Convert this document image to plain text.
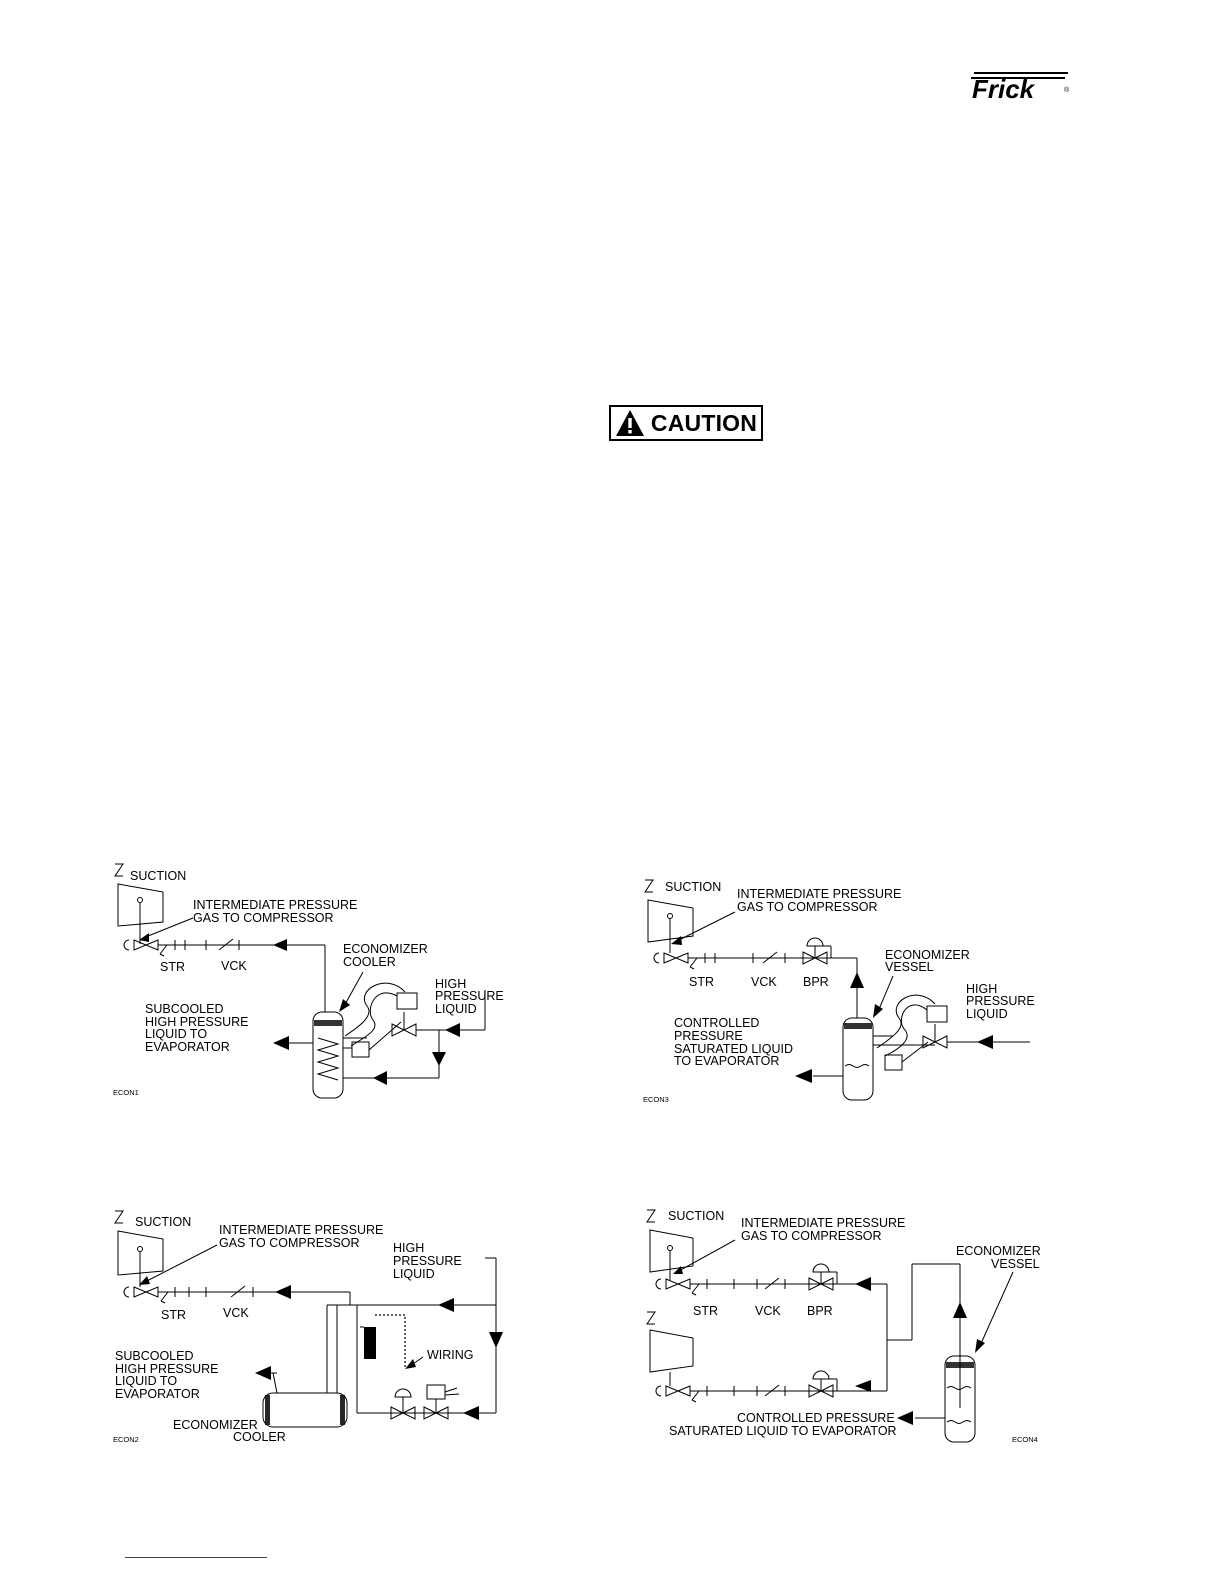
Frick	®
CAUTION
SUCTION
INTERMEDIATE PRESSURE
GAS TO COMPRESSOR
STR	VCK
ECONOMIZER
COOLER
HIGH
PRESSURE
LIQUID
SUBCOOLED
HIGH PRESSURE
LIQUID TO
EVAPORATOR
ECON1
SUCTION INTERMEDIATE PRESSURE
GAS TO COMPRESSOR
STR	VCK BPR
ECONOMIZER
VESSEL
HIGH
PRESSURE
LIQUID
CONTROLLED
PRESSURE
SATURATED LIQUID
TO EVAPORATOR
ECON3
SUCTION
INTERMEDIATE PRESSURE
GAS TO COMPRESSOR	HIGH
PRESSURE
LIQUID
STR	VCK
WIRING
SUBCOOLED
HIGH PRESSURE
LIQUID TO
EVAPORATOR
ECONOMIZER
COOLER
ECON2
SUCTION INTERMEDIATE PRESSURE
GAS TO COMPRESSOR
ECONOMIZER
VESSEL
STR	VCK BPR
CONTROLLED PRESSURE
SATURATED LIQUID TO EVAPORATOR
ECON4
